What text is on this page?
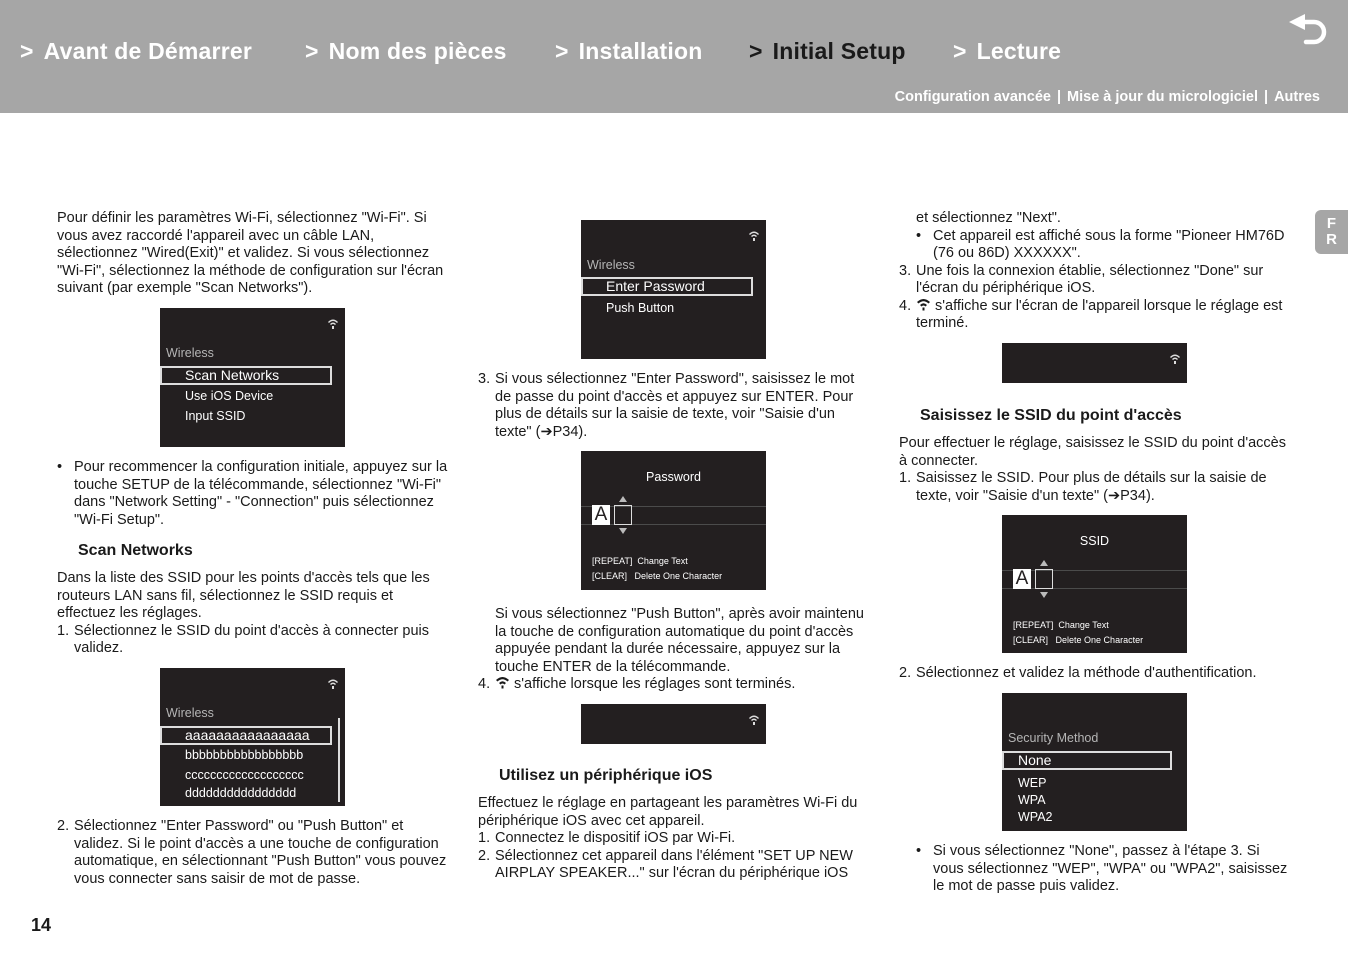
> Avant de Démarrer > Nom des pièces > Installation > Initial Setup > Lecture
Configuration avancée | Mise à jour du micrologiciel | Autres
F
R
14

Pour définir les paramètres Wi-Fi, sélectionnez "Wi-Fi". Si vous avez raccordé l'appareil avec un câble LAN, sélectionnez "Wired(Exit)" et validez. Si vous sélectionnez "Wi-Fi", sélectionnez la méthode de configuration sur l'écran suivant (par exemple "Scan Networks").

Wireless
Scan Networks
Use iOS Device
Input SSID
• Pour recommencer la configuration initiale, appuyez sur la touche SETUP de la télécommande, sélectionnez "Wi-Fi" dans "Network Setting" - "Connection" puis sélectionnez "Wi-Fi Setup".

Scan Networks

Dans la liste des SSID pour les points d'accès tels que les routeurs LAN sans fil, sélectionnez le SSID requis et effectuez les réglages.

1. Sélectionnez le SSID du point d'accès à connecter puis validez.
Wireless
aaaaaaaaaaaaaaaa
bbbbbbbbbbbbbbbbb
ccccccccccccccccccc
dddddddddddddddd
2. Sélectionnez "Enter Password" ou "Push Button" et validez. Si le point d'accès a une touche de configuration automatique, en sélectionnant "Push Button" vous pouvez vous connecter sans saisir de mot de passe.
Wireless
Enter Password
Push Button
3. Si vous sélectionnez "Enter Password", saisissez le mot de passe du point d'accès et appuyez sur ENTER. Pour plus de détails sur la saisie de texte, voir "Saisie d'un texte" (➔P34).
Password
A
[REPEAT] Change Text
[CLEAR] Delete One Character

Si vous sélectionnez "Push Button", après avoir maintenu la touche de configuration automatique du point d'accès appuyée pendant la durée nécessaire, appuyez sur la touche ENTER de la télécommande.

4. s'affiche lorsque les réglages sont terminés.

Utilisez un périphérique iOS

Effectuez le réglage en partageant les paramètres Wi-Fi du périphérique iOS avec cet appareil.

1. Connectez le dispositif iOS par Wi-Fi.
2. Sélectionnez cet appareil dans l'élément "SET UP NEW AIRPLAY SPEAKER..." sur l'écran du périphérique iOS

et sélectionnez "Next".

• Cet appareil est affiché sous la forme "Pioneer HM76D (76 ou 86D) XXXXXX".
3. Une fois la connexion établie, sélectionnez "Done" sur l'écran du périphérique iOS.
4. s'affiche sur l'écran de l'appareil lorsque le réglage est terminé.

Saisissez le SSID du point d'accès

Pour effectuer le réglage, saisissez le SSID du point d'accès à connecter.

1. Saisissez le SSID. Pour plus de détails sur la saisie de texte, voir "Saisie d'un texte" (➔P34).
SSID
A
[REPEAT] Change Text
[CLEAR] Delete One Character
2. Sélectionnez et validez la méthode d'authentification.
Security Method
None
WEP
WPA
WPA2
• Si vous sélectionnez "None", passez à l'étape 3. Si vous sélectionnez "WEP", "WPA" ou "WPA2", saisissez le mot de passe puis validez.
